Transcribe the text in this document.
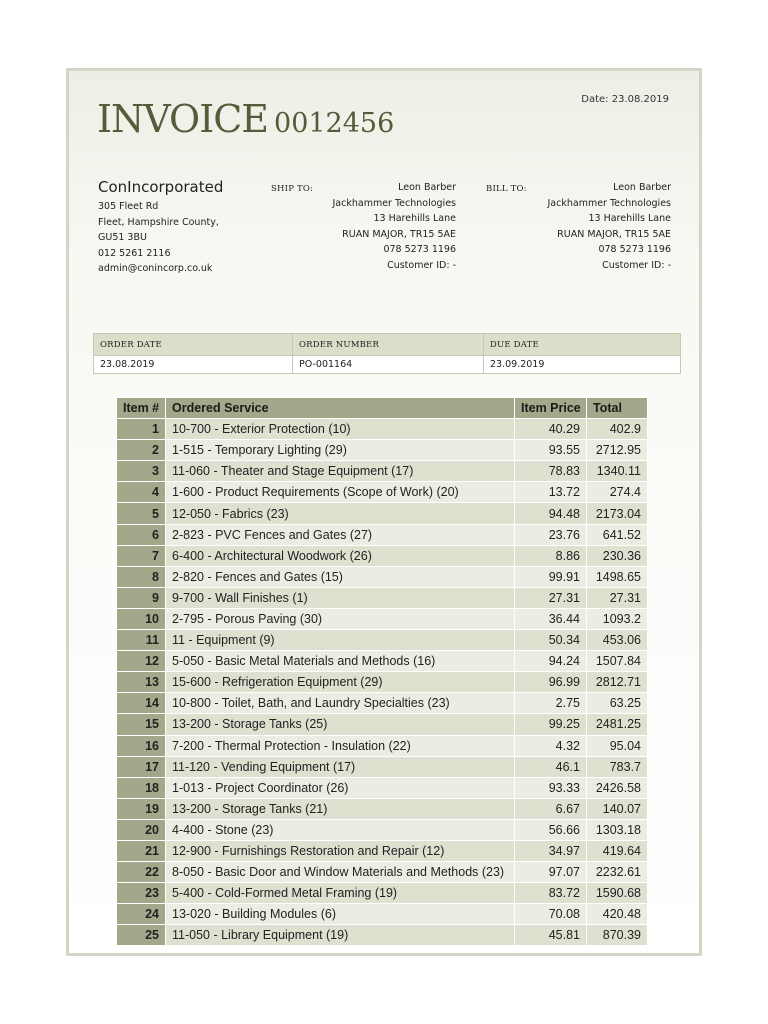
INVOICE 0012456
Date: 23.08.2019
ConIncorporated
305 Fleet Rd
Fleet, Hampshire County,
GU51 3BU
012 5261 2116
admin@conincorp.co.uk
SHIP TO:	Leon Barber
Jackhammer Technologies
13 Harehills Lane
RUAN MAJOR, TR15 5AE
078 5273 1196
Customer ID: -
BILL TO:	Leon Barber
Jackhammer Technologies
13 Harehills Lane
RUAN MAJOR, TR15 5AE
078 5273 1196
Customer ID: -
ORDER DATE	ORDER NUMBER	DUE DATE
23.08.2019	PO-001164	23.09.2019
Item #	Ordered Service	Item Price	Total
1	10-700 - Exterior Protection (10)	40.29	402.9
2	1-515 - Temporary Lighting (29)	93.55	2712.95
3	11-060 - Theater and Stage Equipment (17)	78.83	1340.11
4	1-600 - Product Requirements (Scope of Work) (20)	13.72	274.4
5	12-050 - Fabrics (23)	94.48	2173.04
6	2-823 - PVC Fences and Gates (27)	23.76	641.52
7	6-400 - Architectural Woodwork (26)	8.86	230.36
8	2-820 - Fences and Gates (15)	99.91	1498.65
9	9-700 - Wall Finishes (1)	27.31	27.31
10	2-795 - Porous Paving (30)	36.44	1093.2
11	11 - Equipment (9)	50.34	453.06
12	5-050 - Basic Metal Materials and Methods (16)	94.24	1507.84
13	15-600 - Refrigeration Equipment (29)	96.99	2812.71
14	10-800 - Toilet, Bath, and Laundry Specialties (23)	2.75	63.25
15	13-200 - Storage Tanks (25)	99.25	2481.25
16	7-200 - Thermal Protection - Insulation (22)	4.32	95.04
17	11-120 - Vending Equipment (17)	46.1	783.7
18	1-013 - Project Coordinator (26)	93.33	2426.58
19	13-200 - Storage Tanks (21)	6.67	140.07
20	4-400 - Stone (23)	56.66	1303.18
21	12-900 - Furnishings Restoration and Repair (12)	34.97	419.64
22	8-050 - Basic Door and Window Materials and Methods (23)	97.07	2232.61
23	5-400 - Cold-Formed Metal Framing (19)	83.72	1590.68
24	13-020 - Building Modules (6)	70.08	420.48
25	11-050 - Library Equipment (19)	45.81	870.39
